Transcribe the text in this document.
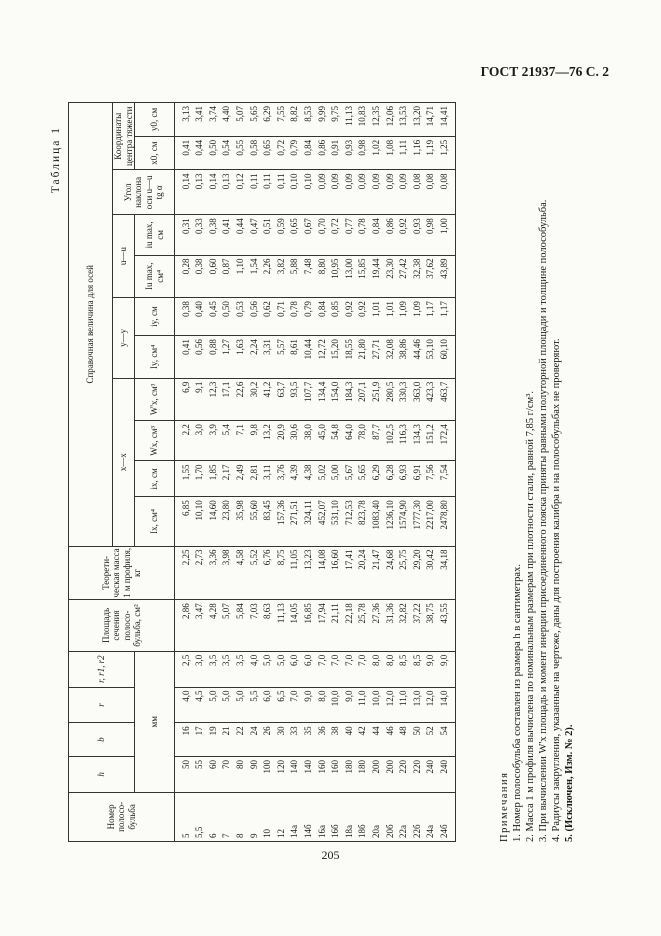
ГОСТ 21937—76 С. 2
Таблица 1
Номер полосо-бульба	h	b	r	r, r1, r2	Площадь сечения полосо-бульба, см²	Теорети-ческая масса 1 м профиля, кг	Справочная величина для осей										
							x—x				y—y		u—u		Угол наклона оси u—u tg α	Координаты центра тяжести	
	мм						Ix, см⁴	ix, см	Wx, см³	W'x, см³	Iy, см⁴	iy, см	Iu max, см⁴	iu max, см		x0, см	y0, см
5	50	16	4,0	2,5	2,86	2,25	6,85	1,55	2,2	6,9	0,41	0,38	0,28	0,31	0,14	0,41	3,13
5,5	55	17	4,5	3,0	3,47	2,73	10,10	1,70	3,0	9,1	0,56	0,40	0,38	0,33	0,13	0,44	3,41
6	60	19	5,0	3,5	4,28	3,36	14,60	1,85	3,9	12,3	0,88	0,45	0,60	0,38	0,14	0,50	3,74
7	70	21	5,0	3,5	5,07	3,98	23,80	2,17	5,4	17,1	1,27	0,50	0,87	0,41	0,13	0,54	4,40
8	80	22	5,0	3,5	5,84	4,58	35,98	2,49	7,1	22,6	1,63	0,53	1,10	0,44	0,12	0,55	5,07
9	90	24	5,5	4,0	7,03	5,52	55,60	2,81	9,8	30,2	2,24	0,56	1,54	0,47	0,11	0,58	5,65
10	100	26	6,0	5,0	8,63	6,76	83,45	3,11	13,2	41,2	3,31	0,62	2,26	0,51	0,11	0,65	6,29
12	120	30	6,5	5,0	11,13	8,75	157,36	3,76	20,9	63,7	5,57	0,71	3,82	0,59	0,11	0,72	7,55
14а	140	33	7,0	6,0	14,05	11,05	271,51	4,39	30,6	93,5	8,61	0,78	5,88	0,65	0,10	0,79	8,82
14б	140	35	9,0	6,0	16,85	13,23	324,11	4,38	38,0	107,7	10,44	0,79	7,48	0,67	0,10	0,84	8,53
16а	160	36	8,0	7,0	17,94	14,08	452,07	5,02	45,0	134,4	12,72	0,84	8,80	0,70	0,09	0,86	9,99
16б	160	38	10,0	7,0	21,11	16,60	531,10	5,00	54,8	154,0	15,20	0,85	10,95	0,72	0,09	0,91	9,75
18а	180	40	9,0	7,0	22,18	17,41	712,53	5,67	64,0	184,3	18,55	0,92	13,00	0,77	0,09	0,93	11,13
18б	180	42	11,0	7,0	25,78	20,24	823,78	5,65	78,0	207,1	21,80	0,92	15,85	0,78	0,09	0,98	10,83
20а	200	44	10,0	8,0	27,36	21,47	1083,40	6,29	87,7	251,9	27,71	1,01	19,44	0,84	0,09	1,02	12,35
20б	200	46	12,0	8,0	31,36	24,68	1236,10	6,28	102,5	280,5	32,08	1,01	23,30	0,86	0,09	1,08	12,06
22а	220	48	11,0	8,5	32,82	25,75	1574,90	6,93	116,3	330,3	38,86	1,09	27,42	0,92	0,09	1,11	13,53
22б	220	50	13,0	8,5	37,22	29,20	1777,30	6,91	134,3	363,0	44,46	1,09	32,38	0,93	0,08	1,16	13,20
24а	240	52	12,0	9,0	38,75	30,42	2217,00	7,56	151,2	423,3	53,10	1,17	37,62	0,98	0,08	1,19	14,71
24б	240	54	14,0	9,0	43,55	34,18	2478,80	7,54	172,4	463,7	60,10	1,17	43,89	1,00	0,08	1,25	14,41
Примечания 1. Номер полособульба составлен из размера h в сантиметрах. 2. Масса 1 м профиля вычислена по номинальным размерам при плотности стали, равной 7,85 г/см³. 3. При вычислении W'x площадь и момент инерции присоединенного пояска приняты равными полуторной площади и толщине полособульба. 4. Радиусы закругления, указанные на чертеже, даны для построения калибра и на полособульбах не проверяют. 5. (Исключен, Изм. № 2).
205
